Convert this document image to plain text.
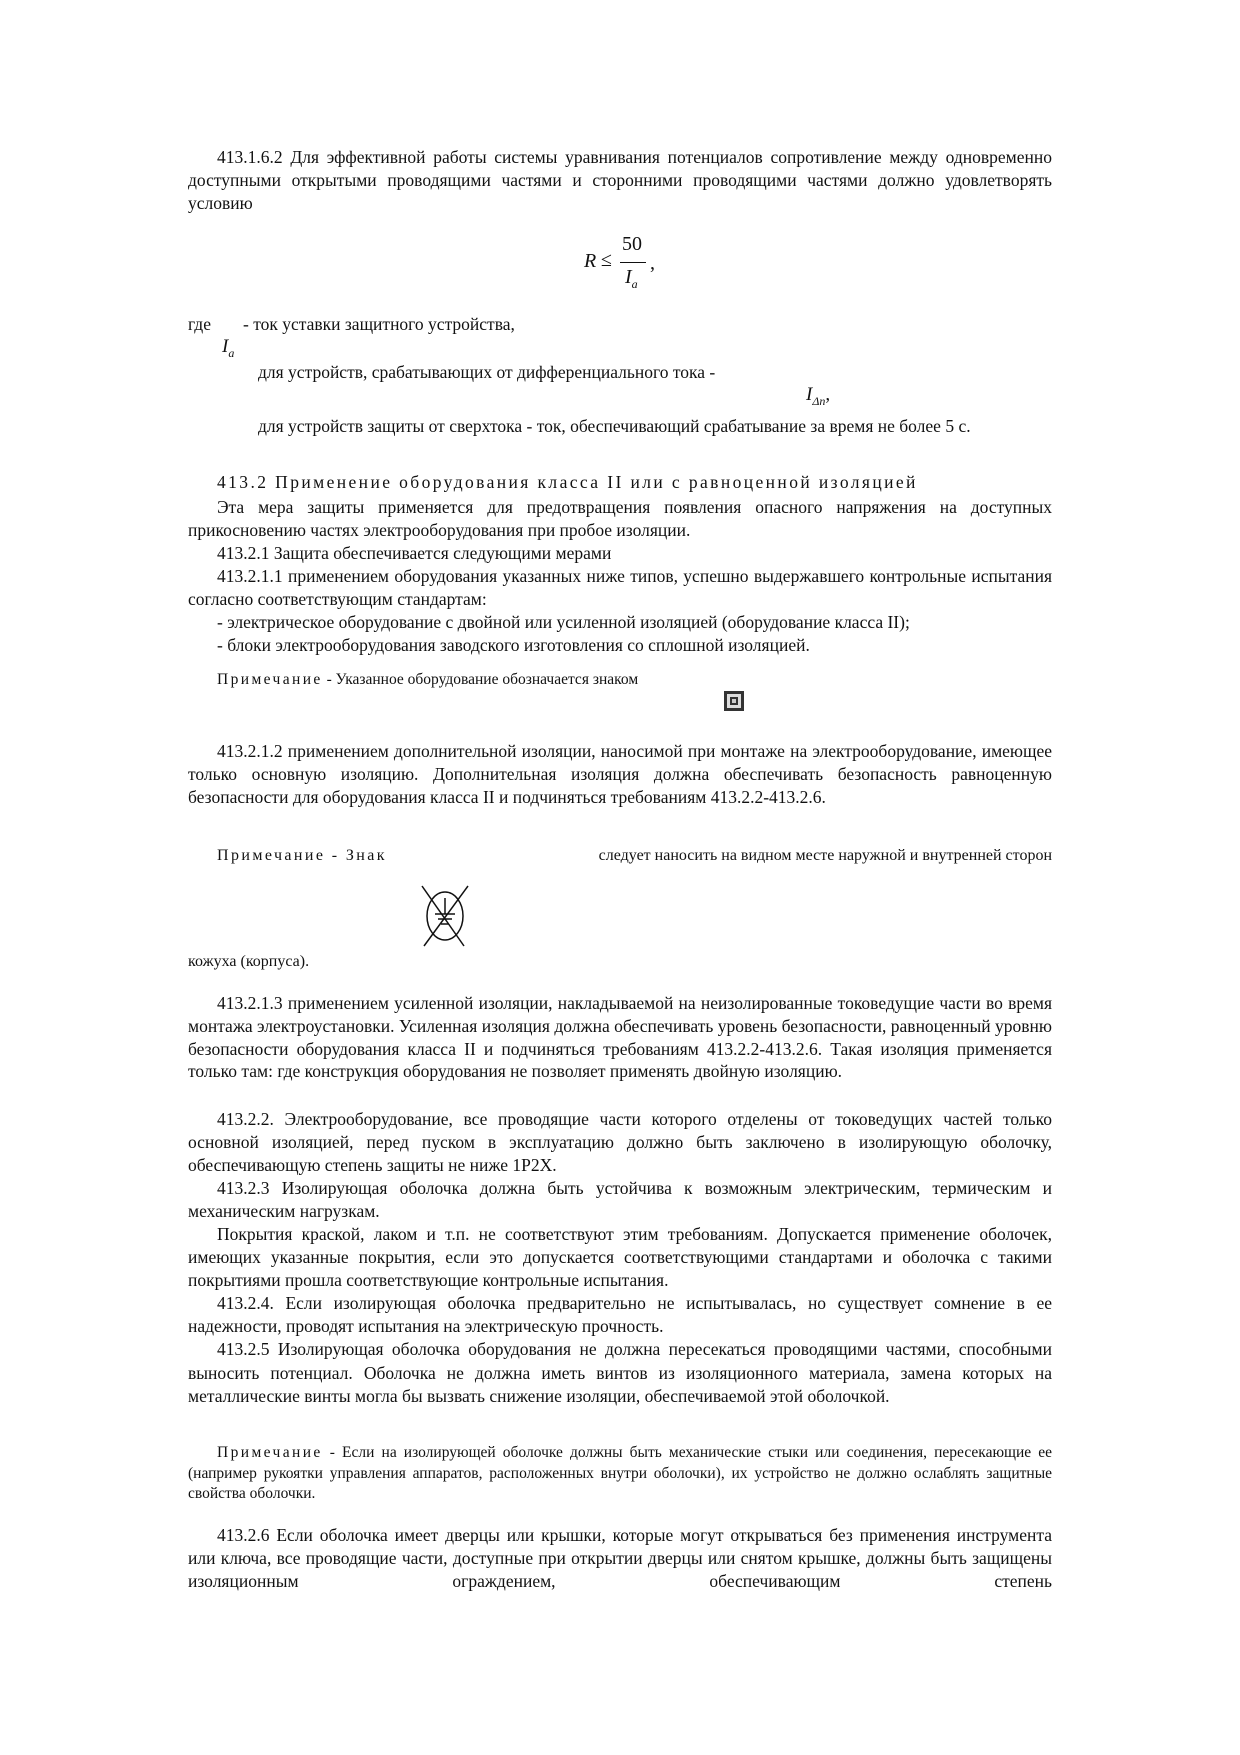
413.1.6.2 Для эффективной работы системы уравнивания потенциалов сопротивление между одновременно доступными открытыми проводящими частями и сторонними проводящими частями должно удовлетворять условию

R ≤
50
$I_a$
,
где - ток уставки защитного устройства,
$I_a$
для устройств, срабатывающих от дифференциального тока -
$I_{\Delta n}$,
для устройств защиты от сверхтока - ток, обеспечивающий срабатывание за время не более 5 с.

413.2 Применение оборудования класса II или с равноценной изоляцией

Эта мера защиты применяется для предотвращения появления опасного напряжения на доступных прикосновению частях электрооборудования при пробое изоляции.

413.2.1 Защита обеспечивается следующими мерами

413.2.1.1 применением оборудования указанных ниже типов, успешно выдержавшего контрольные испытания согласно соответствующим стандартам:

- электрическое оборудование с двойной или усиленной изоляцией (оборудование класса II);

- блоки электрооборудования заводского изготовления со сплошной изоляцией.

Примечание - Указанное оборудование обозначается знаком

413.2.1.2 применением дополнительной изоляции, наносимой при монтаже на электрооборудование, имеющее только основную изоляцию. Дополнительная изоляция должна обеспечивать безопасность равноценную безопасности для оборудования класса II и подчиняться требованиям 413.2.2-413.2.6.

Примечание - Знак	следует наносить на видном месте наружной и внутренней сторон
кожуха (корпуса).

413.2.1.3 применением усиленной изоляции, накладываемой на неизолированные токоведущие части во время монтажа электроустановки. Усиленная изоляция должна обеспечивать уровень безопасности, равноценный уровню безопасности оборудования класса II и подчиняться требованиям 413.2.2-413.2.6. Такая изоляция применяется только там: где конструкция оборудования не позволяет применять двойную изоляцию.

413.2.2. Электрооборудование, все проводящие части которого отделены от токоведущих частей только основной изоляцией, перед пуском в эксплуатацию должно быть заключено в изолирующую оболочку, обеспечивающую степень защиты не ниже 1Р2Х.

413.2.3 Изолирующая оболочка должна быть устойчива к возможным электрическим, термическим и механическим нагрузкам.

Покрытия краской, лаком и т.п. не соответствуют этим требованиям. Допускается применение оболочек, имеющих указанные покрытия, если это допускается соответствующими стандартами и оболочка с такими покрытиями прошла соответствующие контрольные испытания.

413.2.4. Если изолирующая оболочка предварительно не испытывалась, но существует сомнение в ее надежности, проводят испытания на электрическую прочность.

413.2.5 Изолирующая оболочка оборудования не должна пересекаться проводящими частями, способными выносить потенциал. Оболочка не должна иметь винтов из изоляционного материала, замена которых на металлические винты могла бы вызвать снижение изоляции, обеспечиваемой этой оболочкой.

Примечание - Если на изолирующей оболочке должны быть механические стыки или соединения, пересекающие ее (например рукоятки управления аппаратов, расположенных внутри оболочки), их устройство не должно ослаблять защитные свойства оболочки.

413.2.6 Если оболочка имеет дверцы или крышки, которые могут открываться без применения инструмента или ключа, все проводящие части, доступные при открытии дверцы или снятом крышке, должны быть защищены изоляционным ограждением, обеспечивающим степень
